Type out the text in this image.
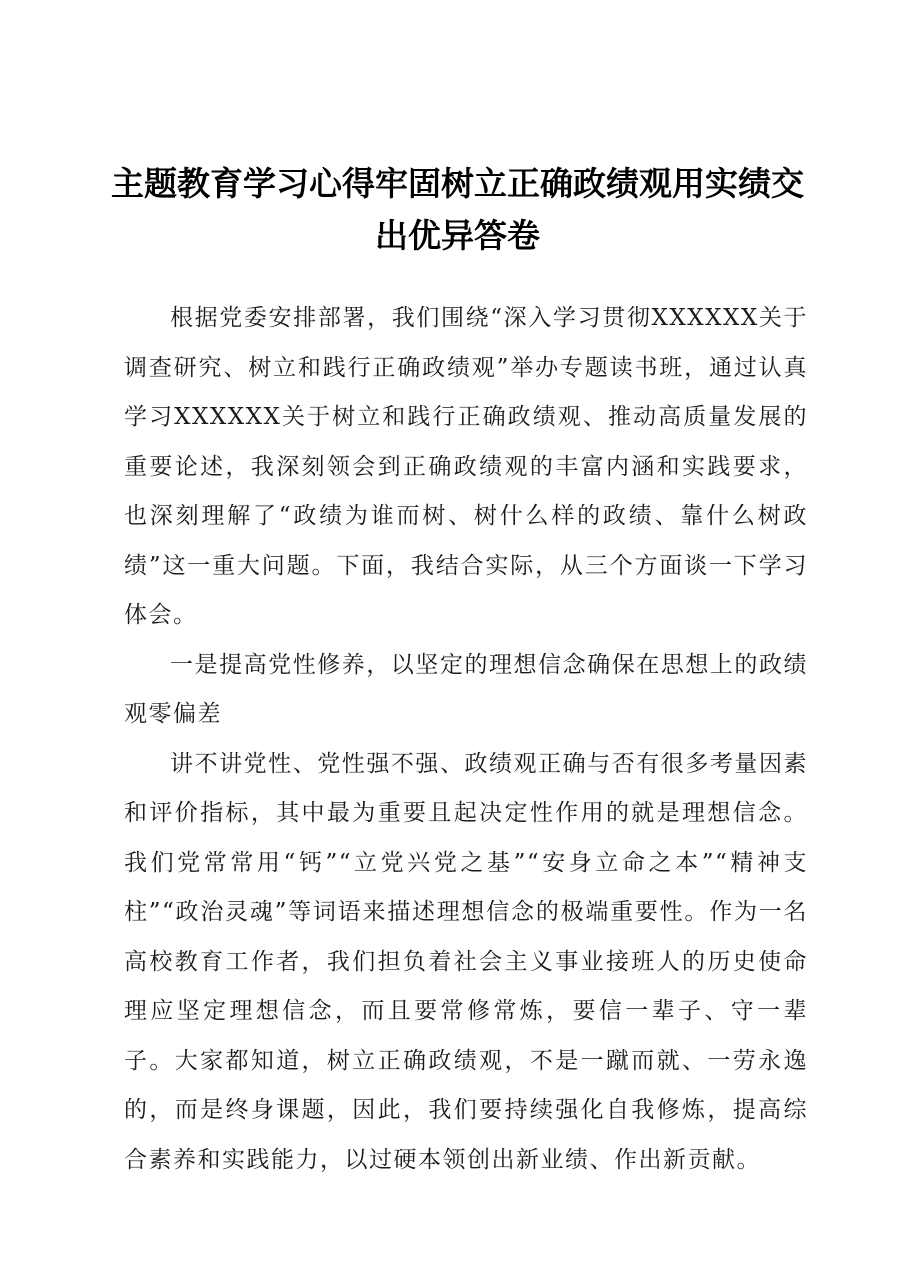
主题教育学习心得牢固树立正确政绩观用实绩交出优异答卷

根据党委安排部署，我们围绕“深入学习贯彻XXXXXX关于调查研究、树立和践行正确政绩观”举办专题读书班，通过认真学习XXXXXX关于树立和践行正确政绩观、推动高质量发展的重要论述，我深刻领会到正确政绩观的丰富内涵和实践要求，也深刻理解了“政绩为谁而树、树什么样的政绩、靠什么树政绩”这一重大问题。下面，我结合实际，从三个方面谈一下学习体会。

一是提高党性修养，以坚定的理想信念确保在思想上的政绩观零偏差

讲不讲党性、党性强不强、政绩观正确与否有很多考量因素和评价指标，其中最为重要且起决定性作用的就是理想信念。我们党常常用“钙”“立党兴党之基”“安身立命之本”“精神支柱”“政治灵魂”等词语来描述理想信念的极端重要性。作为一名高校教育工作者，我们担负着社会主义事业接班人的历史使命理应坚定理想信念，而且要常修常炼，要信一辈子、守一辈子。大家都知道，树立正确政绩观，不是一蹴而就、一劳永逸的，而是终身课题，因此，我们要持续强化自我修炼，提高综合素养和实践能力，以过硬本领创出新业绩、作出新贡献。
